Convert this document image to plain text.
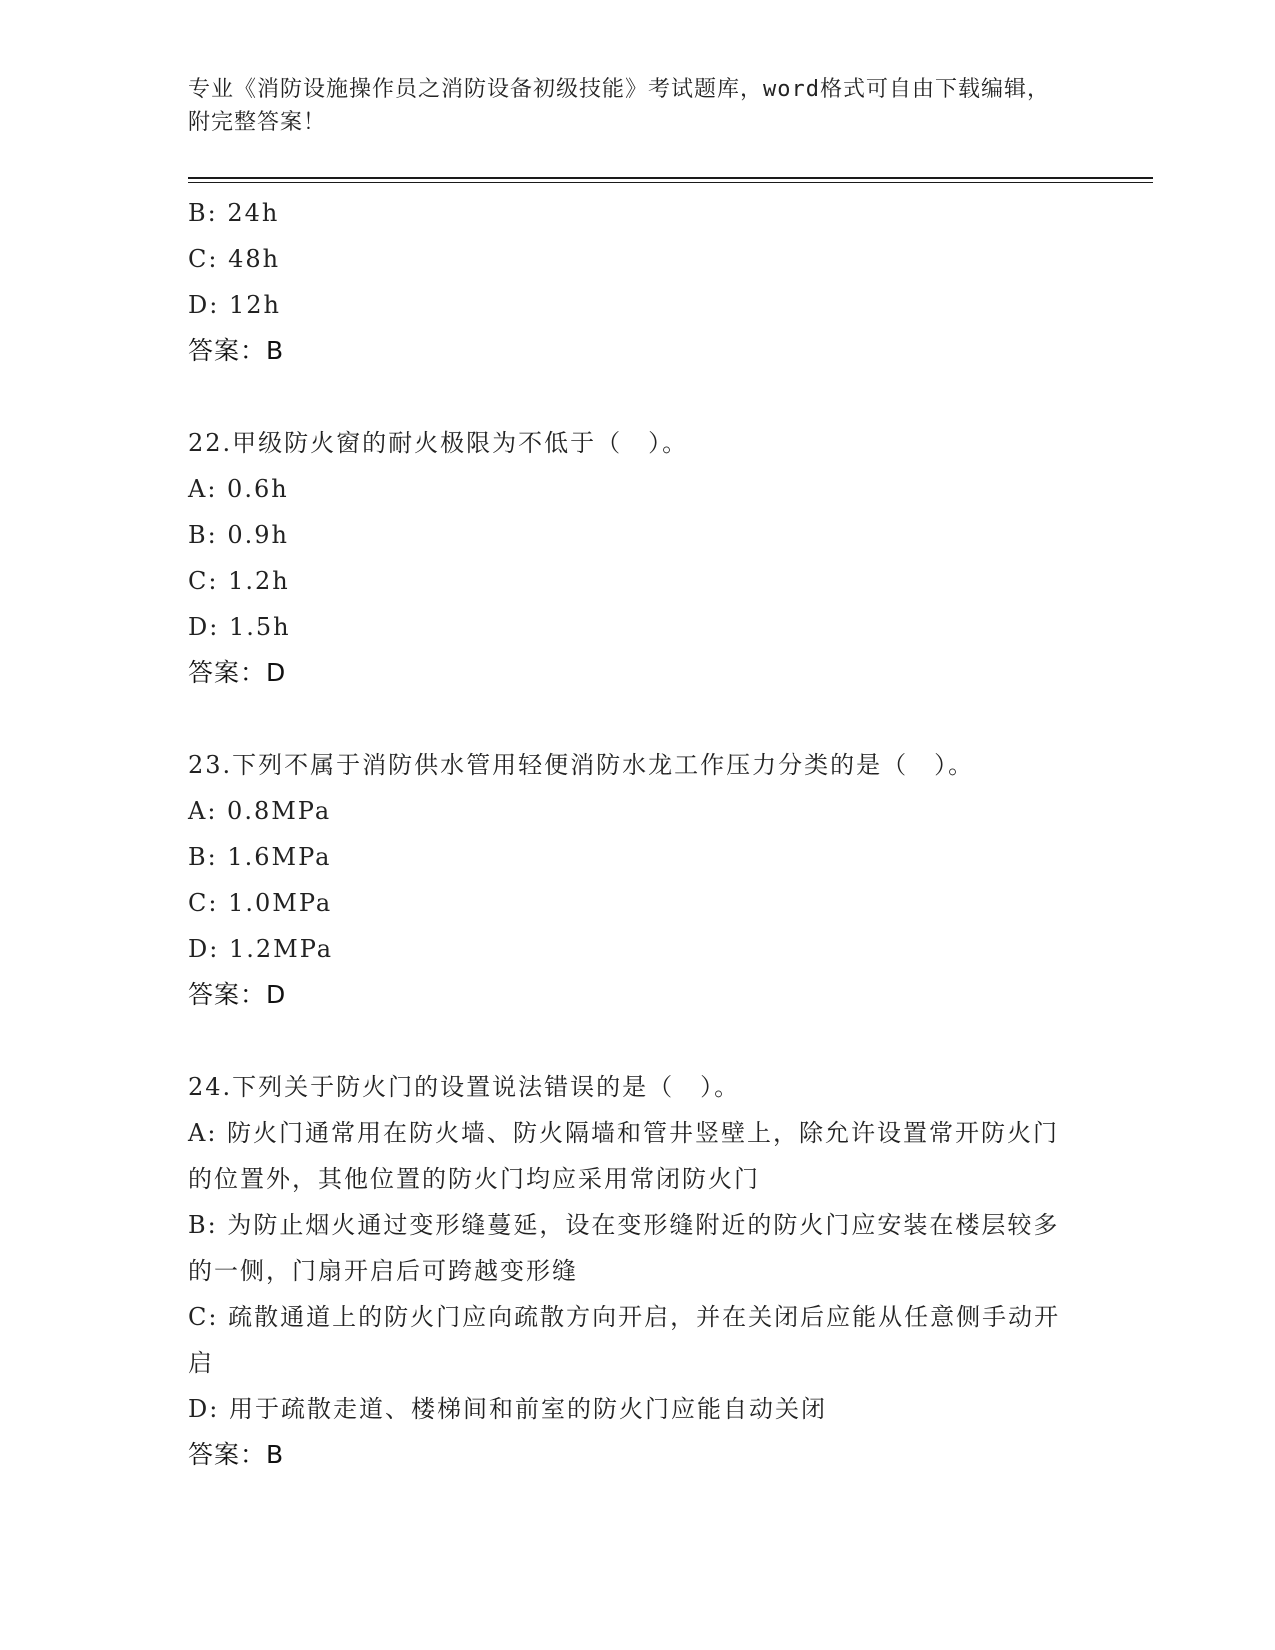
专业《消防设施操作员之消防设备初级技能》考试题库，word格式可自由下载编辑，附完整答案！
B: 24h
C: 48h
D: 12h
答案：B
22.甲级防火窗的耐火极限为不低于（　）。
A: 0.6h
B: 0.9h
C: 1.2h
D: 1.5h
答案：D
23.下列不属于消防供水管用轻便消防水龙工作压力分类的是（　）。
A: 0.8MPa
B: 1.6MPa
C: 1.0MPa
D: 1.2MPa
答案：D
24.下列关于防火门的设置说法错误的是（　）。
A: 防火门通常用在防火墙、防火隔墙和管井竖壁上，除允许设置常开防火门的位置外，其他位置的防火门均应采用常闭防火门
B: 为防止烟火通过变形缝蔓延，设在变形缝附近的防火门应安装在楼层较多的一侧，门扇开启后可跨越变形缝
C: 疏散通道上的防火门应向疏散方向开启，并在关闭后应能从任意侧手动开启
D: 用于疏散走道、楼梯间和前室的防火门应能自动关闭
答案：B
